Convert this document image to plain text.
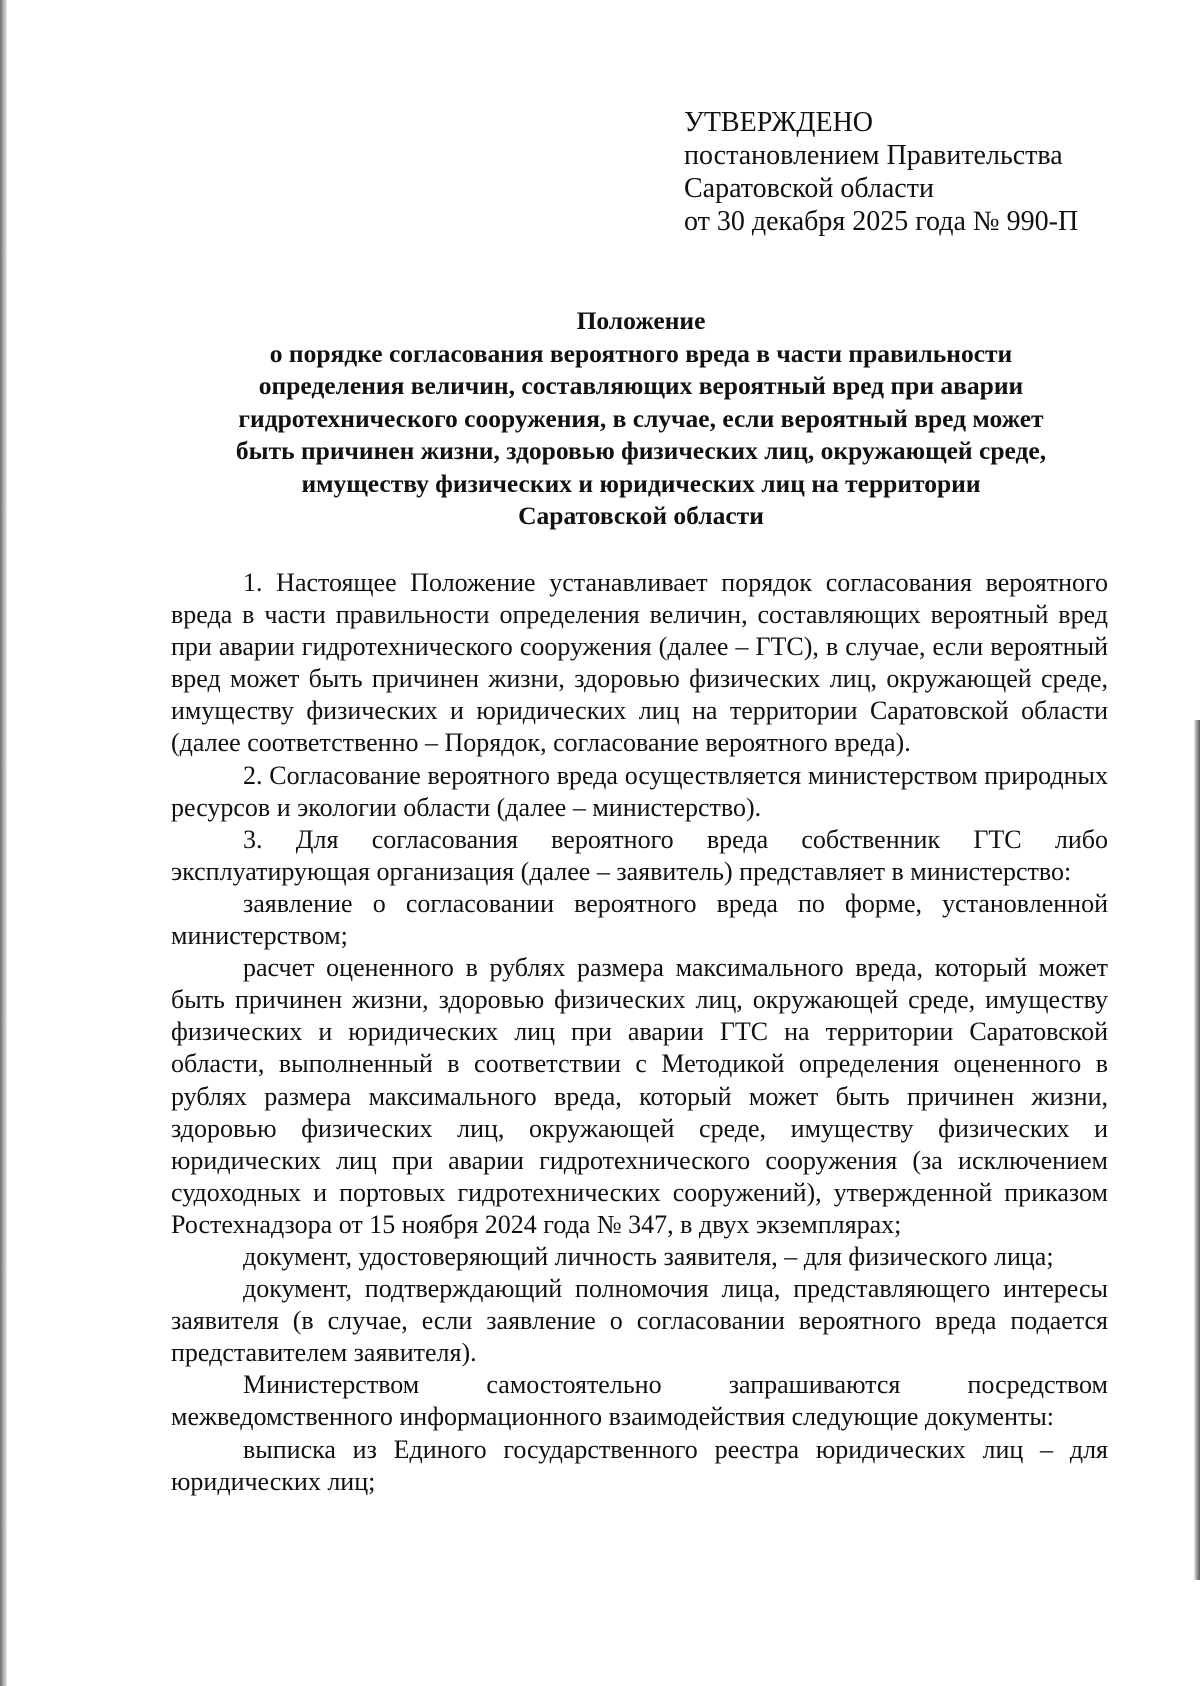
УТВЕРЖДЕНО
постановлением Правительства
Саратовской области
от 30 декабря 2025 года № 990-П
Положение
о порядке согласования вероятного вреда в части правильности
определения величин, составляющих вероятный вред при аварии
гидротехнического сооружения, в случае, если вероятный вред может
быть причинен жизни, здоровью физических лиц, окружающей среде,
имуществу физических и юридических лиц на территории
Саратовской области

1. Настоящее Положение устанавливает порядок согласования вероятного вреда в части правильности определения величин, составляющих вероятный вред при аварии гидротехнического сооружения (далее – ГТС), в случае, если вероятный вред может быть причинен жизни, здоровью физических лиц, окружающей среде, имуществу физических и юридических лиц на территории Саратовской области (далее соответственно – Порядок, согласование вероятного вреда).

2. Согласование вероятного вреда осуществляется министерством природных ресурсов и экологии области (далее – министерство).

3. Для согласования вероятного вреда собственник ГТС либо эксплуатирующая организация (далее – заявитель) представляет в министерство:

заявление о согласовании вероятного вреда по форме, установленной министерством;

расчет оцененного в рублях размера максимального вреда, который может быть причинен жизни, здоровью физических лиц, окружающей среде, имуществу физических и юридических лиц при аварии ГТС на территории Саратовской области, выполненный в соответствии с Методикой определения оцененного в рублях размера максимального вреда, который может быть причинен жизни, здоровью физических лиц, окружающей среде, имуществу физических и юридических лиц при аварии гидротехнического сооружения (за исключением судоходных и портовых гидротехнических сооружений), утвержденной приказом Ростехнадзора от 15 ноября 2024 года № 347, в двух экземплярах;

документ, удостоверяющий личность заявителя, – для физического лица;

документ, подтверждающий полномочия лица, представляющего интересы заявителя (в случае, если заявление о согласовании вероятного вреда подается представителем заявителя).

Министерством самостоятельно запрашиваются посредством межведомственного информационного взаимодействия следующие документы:

выписка из Единого государственного реестра юридических лиц – для юридических лиц;
